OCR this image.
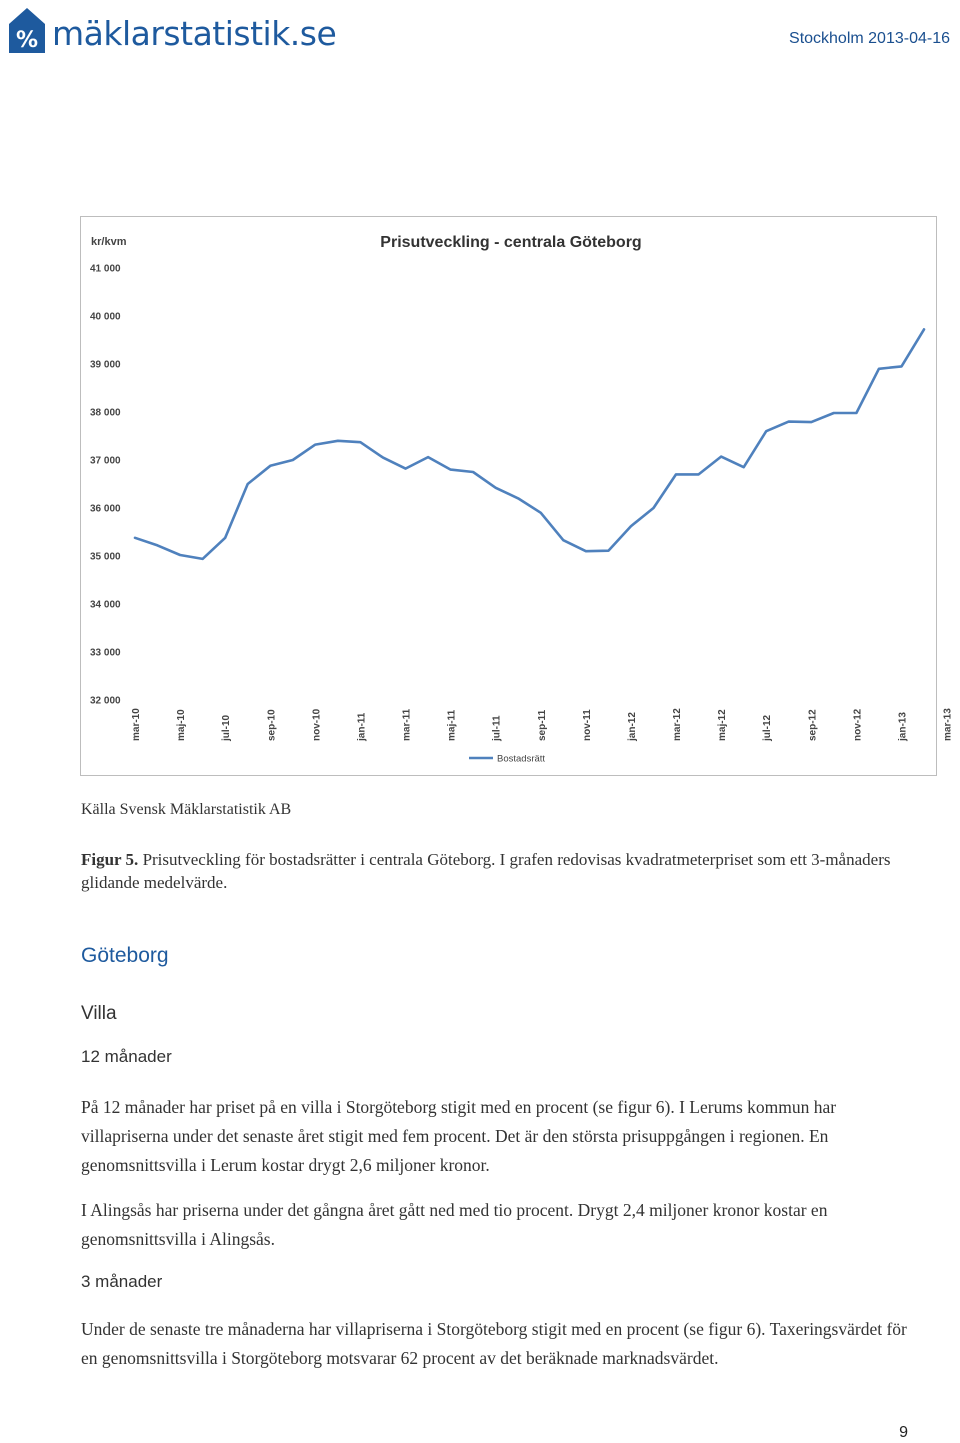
% mäklarstatistik.se	Stockholm 2013-04-16
kr/kvm	Prisutveckling - centrala Göteborg
41 000
40 000
39 000
38 000
37 000
36 000
35 000
34 000
33 000
32 000
mar-10	maj-10	jul-10	sep-10	nov-10	jan-11	mar-11	maj-11	jul-11	sep-11	nov-11	jan-12	mar-12	maj-12	jul-12	sep-12	nov-12	jan-13	mar-13
Bostadsrätt
Källa Svensk Mäklarstatistik AB
Figur 5. Prisutveckling för bostadsrätter i centrala Göteborg. I grafen redovisas kvadratmeterpriset som ett 3-månaders glidande medelvärde.
Göteborg
Villa
12 månader
På 12 månader har priset på en villa i Storgöteborg stigit med en procent (se figur 6). I Lerums kommun har villapriserna under det senaste året stigit med fem procent. Det är den största prisuppgången i regionen. En genomsnittsvilla i Lerum kostar drygt 2,6 miljoner kronor.
I Alingsås har priserna under det gångna året gått ned med tio procent. Drygt 2,4 miljoner kronor kostar en genomsnittsvilla i Alingsås.
3 månader
Under de senaste tre månaderna har villapriserna i Storgöteborg stigit med en procent (se figur 6). Taxeringsvärdet för en genomsnittsvilla i Storgöteborg motsvarar 62 procent av det beräknade marknadsvärdet.
9
